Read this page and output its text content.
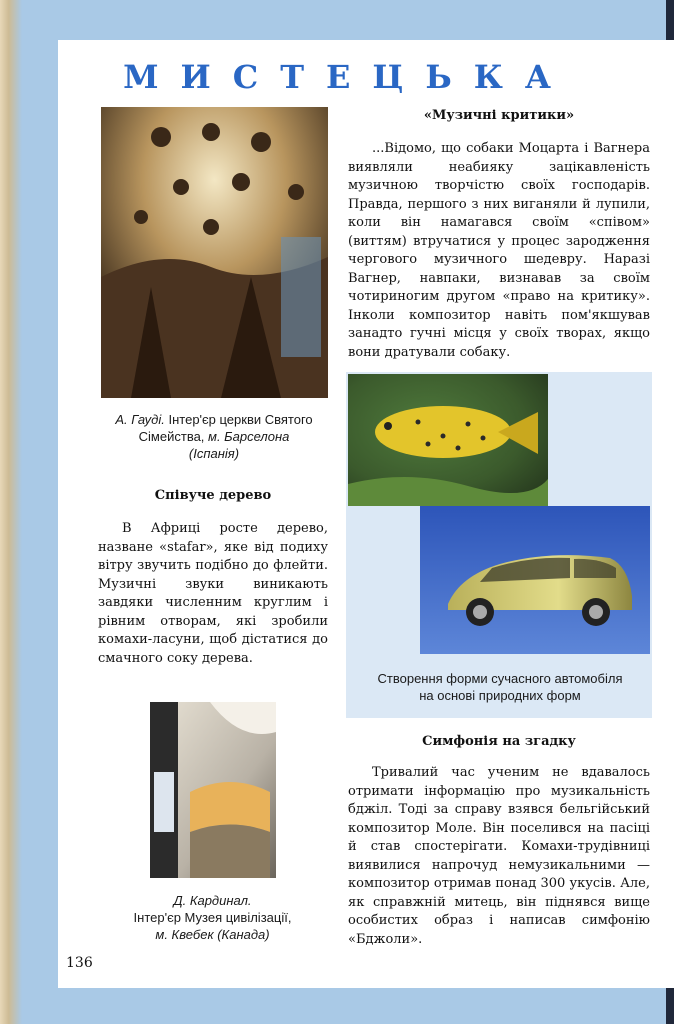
МИСТЕЦЬКА
А. Гауді. Інтер'єр церкви Святого
Сімейства, м. Барселона
(Іспанія)
Співуче дерево

В Африці росте дерево, назване «stafar», яке від подиху вітру звучить подібно до флейти. Музичні звуки виникають завдяки численним круглим і рівним отворам, які зробили комахи-ласуни, щоб дістатися до смачного соку дерева.

Д. Кардинал.
Інтер'єр Музея цивілізації,
м. Квебек (Канада)
«Музичні критики»

...Відомо, що собаки Моцарта і Вагнера виявляли неабияку зацікавленість музичною творчістю своїх господарів. Правда, першого з них виганяли й лупили, коли він намагався своїм «співом» (виттям) втручатися у процес зародження чергового музичного шедевру. Наразі Вагнер, навпаки, визнавав за своїм чотириногим другом «право на критику». Інколи композитор навіть пом'якшував занадто гучні місця у своїх творах, якщо вони дратували собаку.

Створення форми сучасного автомобіля
на основі природних форм
Симфонія на згадку

Тривалий час ученим не вдавалось отримати інформацію про музикальність бджіл. Тоді за справу взявся бельгійський композитор Моле. Він поселився на пасіці й став спостерігати. Комахи-трудівниці виявилися напрочуд немузикальними — композитор отримав понад 300 укусів. Але, як справжній митець, він піднявся вище особистих образ і написав симфонію «Бджоли».

136
